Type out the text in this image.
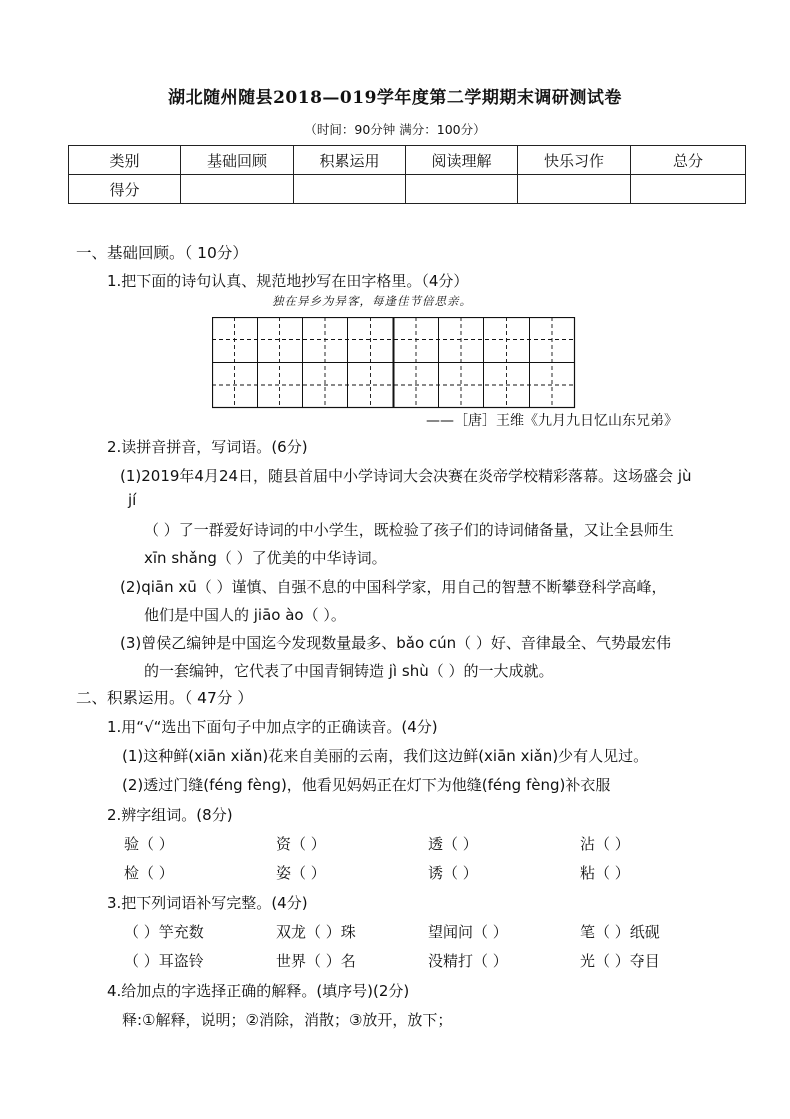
湖北随州随县2018—019学年度第二学期期末调研测试卷
（时间：90分钟 满分：100分）
类别	基础回顾	积累运用	阅读理解	快乐习作	总分
得分					
一、基础回顾。（ 10分）
1.把下面的诗句认真、规范地抄写在田字格里。（4分）
独在异乡为异客，每逢佳节倍思亲。
——［唐］王维《九月九日忆山东兄弟》
2.读拼音拼音，写词语。(6分)
(1)2019年4月24日，随县首届中小学诗词大会决赛在炎帝学校精彩落幕。这场盛会 jù
jí
（ ）了一群爱好诗词的中小学生，既检验了孩子们的诗词储备量，又让全县师生
xīn shǎng（ ）了优美的中华诗词。
(2)qiān xū（ ）谨慎、自强不息的中国科学家，用自己的智慧不断攀登科学高峰，
他们是中国人的 jiāo ào（ ）。
(3)曾侯乙编钟是中国迄今发现数量最多、bǎo cún（ ）好、音律最全、气势最宏伟
的一套编钟，它代表了中国青铜铸造 jì shù（ ）的一大成就。
二、积累运用。（ 47分 ）
1.用“√“选出下面句子中加点字的正确读音。(4分)
(1)这种鲜(xiān xiǎn)花来自美丽的云南，我们这边鲜(xiān xiǎn)少有人见过。
(2)透过门缝(féng fèng)，他看见妈妈正在灯下为他缝(féng fèng)补衣服
2.辨字组词。(8分)
验（ ）	资（ ）	透（ ）	沾（ ）
检（ ）	姿（ ）	诱（ ）	粘（ ）
3.把下列词语补写完整。(4分)
（ ）竽充数	双龙（ ）珠	望闻问（ ）	笔（ ）纸砚
（ ）耳盗铃	世界（ ）名	没精打（ ）	光（ ）夺目
4.给加点的字选择正确的解释。(填序号)(2分)
释:①解释，说明；②消除，消散；③放开，放下；
